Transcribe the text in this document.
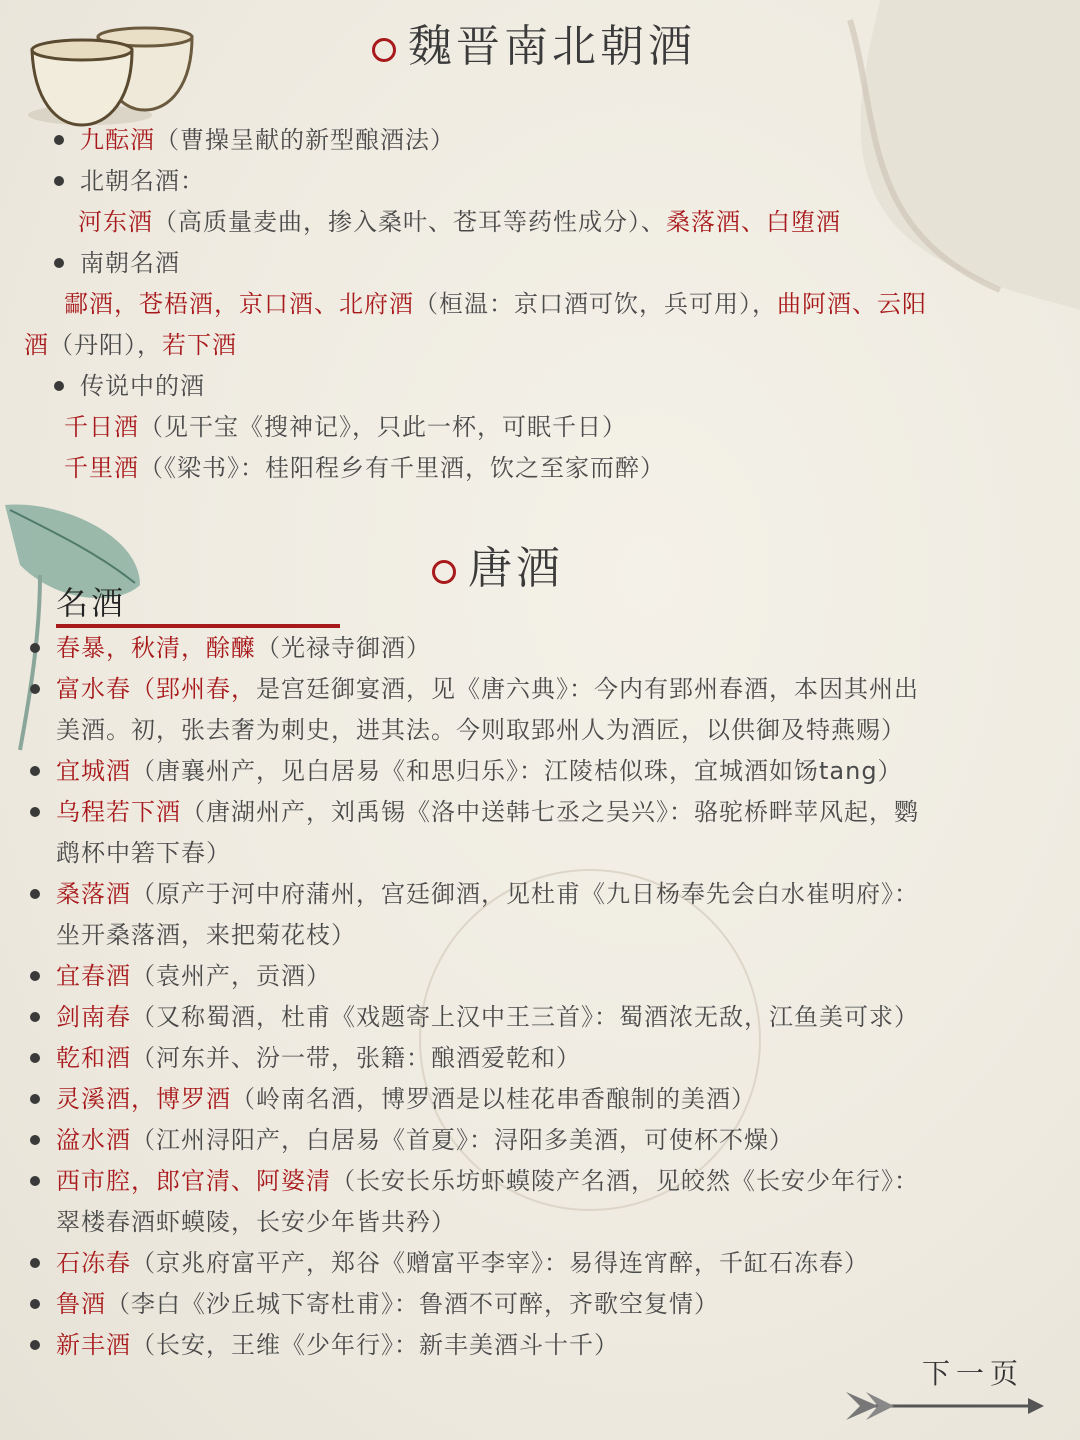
魏晋南北朝酒
九酝酒（曹操呈献的新型酿酒法）
北朝名酒：
河东酒（高质量麦曲，掺入桑叶、苍耳等药性成分）、桑落酒、白堕酒
南朝名酒
酃酒，苍梧酒，京口酒、北府酒（桓温：京口酒可饮，兵可用），曲阿酒、云阳
酒（丹阳），若下酒
传说中的酒
千日酒（见干宝《搜神记》，只此一杯，可眠千日）
千里酒（《梁书》：桂阳程乡有千里酒，饮之至家而醉）
唐酒
名酒
春暴，秋清，酴醾（光禄寺御酒）
富水春（郢州春，是宫廷御宴酒，见《唐六典》：今内有郢州春酒，本因其州出
美酒。初，张去奢为刺史，进其法。今则取郢州人为酒匠，以供御及特燕赐）
宜城酒（唐襄州产，见白居易《和思归乐》：江陵桔似珠，宜城酒如饧tang）
乌程若下酒（唐湖州产，刘禹锡《洛中送韩七丞之吴兴》：骆驼桥畔苹风起，鹦
鹉杯中箬下春）
桑落酒（原产于河中府蒲州，宫廷御酒，见杜甫《九日杨奉先会白水崔明府》：
坐开桑落酒，来把菊花枝）
宜春酒（袁州产，贡酒）
剑南春（又称蜀酒，杜甫《戏题寄上汉中王三首》：蜀酒浓无敌，江鱼美可求）
乾和酒（河东并、汾一带，张籍：酿酒爱乾和）
灵溪酒，博罗酒（岭南名酒，博罗酒是以桂花串香酿制的美酒）
湓水酒（江州浔阳产，白居易《首夏》：浔阳多美酒，可使杯不燥）
西市腔，郎官清、阿婆清（长安长乐坊虾蟆陵产名酒，见皎然《长安少年行》：
翠楼春酒虾蟆陵，长安少年皆共矜）
石冻春（京兆府富平产，郑谷《赠富平李宰》：易得连宵醉，千缸石冻春）
鲁酒（李白《沙丘城下寄杜甫》：鲁酒不可醉，齐歌空复情）
新丰酒（长安，王维《少年行》：新丰美酒斗十千）
下一页
